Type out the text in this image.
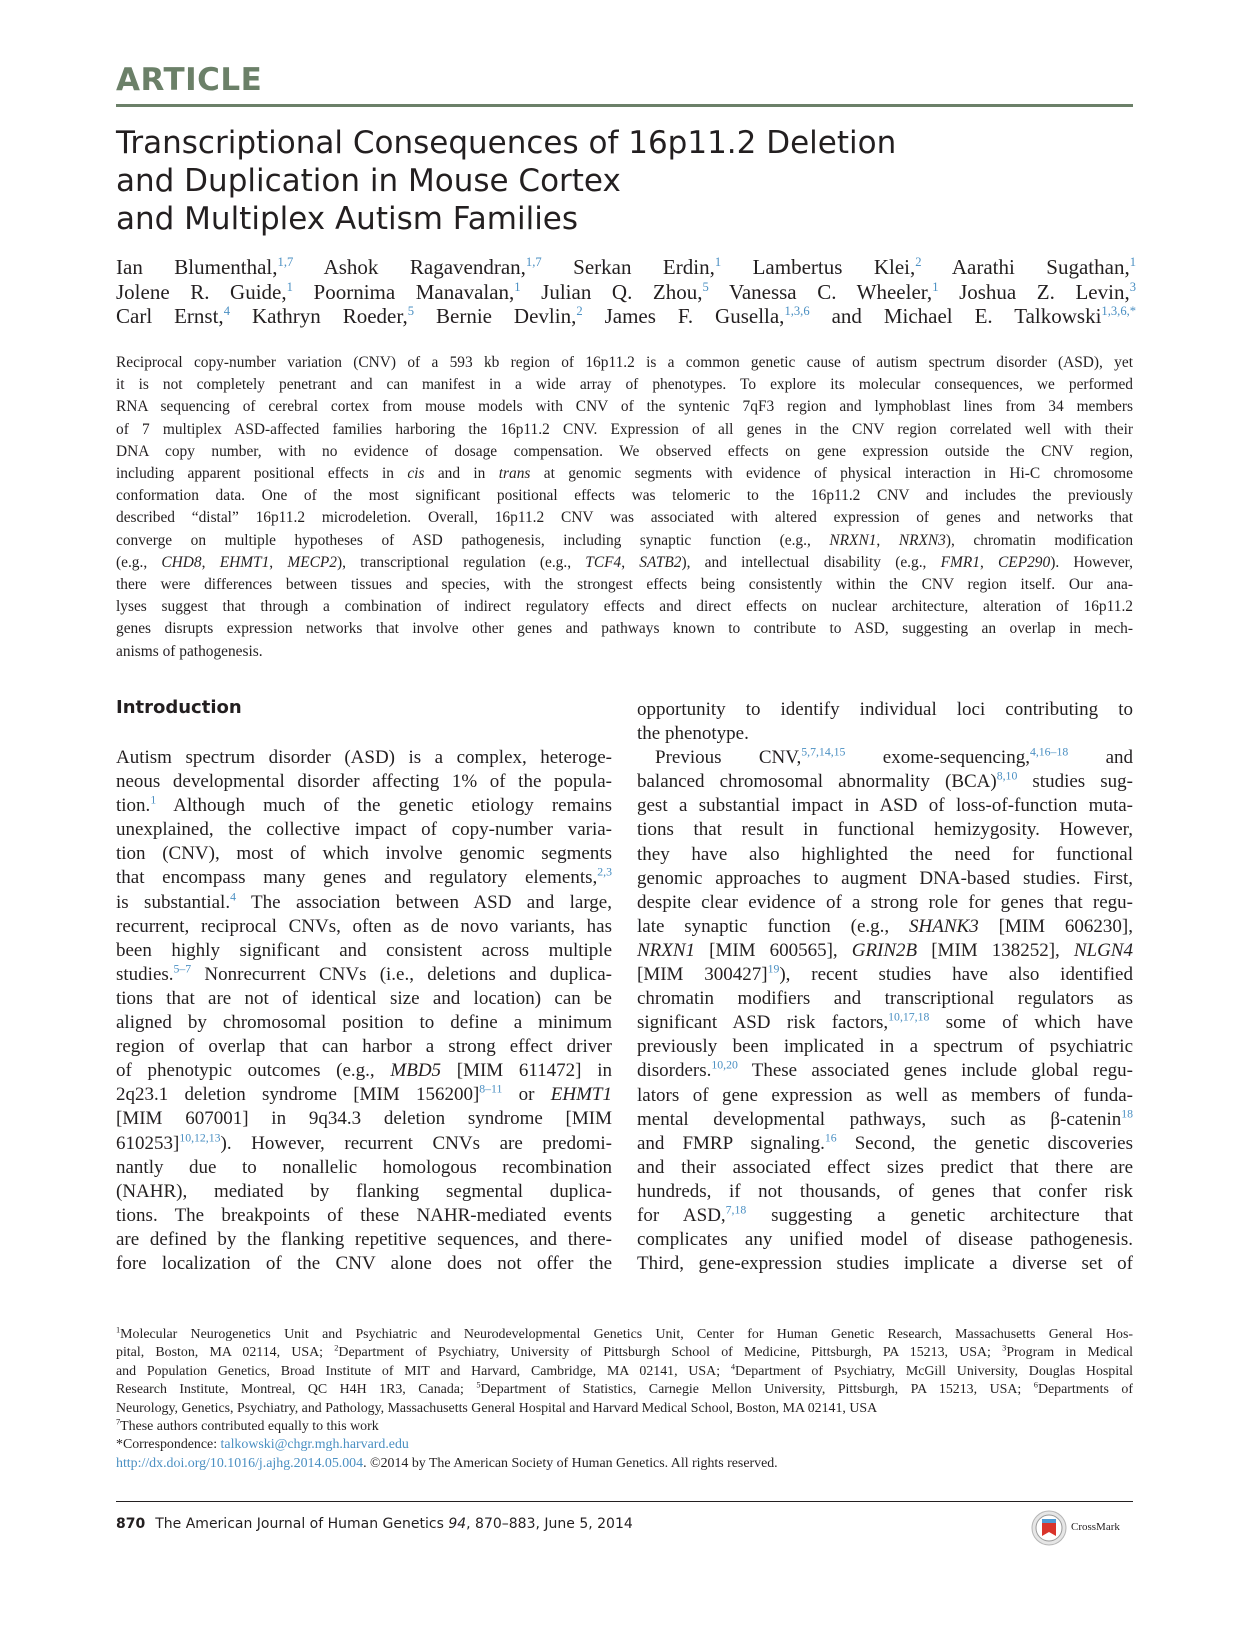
ARTICLE
Transcriptional Consequences of 16p11.2 Deletion
and Duplication in Mouse Cortex
and Multiplex Autism Families
Ian Blumenthal,$^{1,7}$ Ashok Ragavendran,$^{1,7}$ Serkan Erdin,$^1$ Lambertus Klei,$^2$ Aarathi Sugathan,$^1$
Jolene R. Guide,$^1$ Poornima Manavalan,$^1$ Julian Q. Zhou,$^5$ Vanessa C. Wheeler,$^1$ Joshua Z. Levin,$^3$
Carl Ernst,$^4$ Kathryn Roeder,$^5$ Bernie Devlin,$^2$ James F. Gusella,$^{1,3,6}$ and Michael E. Talkowski$^{1,3,6,*}$
Reciprocal copy-number variation (CNV) of a 593 kb region of 16p11.2 is a common genetic cause of autism spectrum disorder (ASD), yet
it is not completely penetrant and can manifest in a wide array of phenotypes. To explore its molecular consequences, we performed
RNA sequencing of cerebral cortex from mouse models with CNV of the syntenic 7qF3 region and lymphoblast lines from 34 members
of 7 multiplex ASD-affected families harboring the 16p11.2 CNV. Expression of all genes in the CNV region correlated well with their
DNA copy number, with no evidence of dosage compensation. We observed effects on gene expression outside the CNV region,
including apparent positional effects in cis and in trans at genomic segments with evidence of physical interaction in Hi-C chromosome
conformation data. One of the most significant positional effects was telomeric to the 16p11.2 CNV and includes the previously
described “distal” 16p11.2 microdeletion. Overall, 16p11.2 CNV was associated with altered expression of genes and networks that
converge on multiple hypotheses of ASD pathogenesis, including synaptic function (e.g., NRXN1, NRXN3), chromatin modification
(e.g., CHD8, EHMT1, MECP2), transcriptional regulation (e.g., TCF4, SATB2), and intellectual disability (e.g., FMR1, CEP290). However,
there were differences between tissues and species, with the strongest effects being consistently within the CNV region itself. Our ana-
lyses suggest that through a combination of indirect regulatory effects and direct effects on nuclear architecture, alteration of 16p11.2
genes disrupts expression networks that involve other genes and pathways known to contribute to ASD, suggesting an overlap in mech-
anisms of pathogenesis.
Introduction
Autism spectrum disorder (ASD) is a complex, heteroge-
neous developmental disorder affecting 1% of the popula-
tion.$^1$ Although much of the genetic etiology remains
unexplained, the collective impact of copy-number varia-
tion (CNV), most of which involve genomic segments
that encompass many genes and regulatory elements,$^{2,3}$
is substantial.$^4$ The association between ASD and large,
recurrent, reciprocal CNVs, often as de novo variants, has
been highly significant and consistent across multiple
studies.$^{5-7}$ Nonrecurrent CNVs (i.e., deletions and duplica-
tions that are not of identical size and location) can be
aligned by chromosomal position to define a minimum
region of overlap that can harbor a strong effect driver
of phenotypic outcomes (e.g., MBD5 [MIM 611472] in
2q23.1 deletion syndrome [MIM 156200]$^{8-11}$ or EHMT1
[MIM 607001] in 9q34.3 deletion syndrome [MIM
610253]$^{10,12,13}$). However, recurrent CNVs are predomi-
nantly due to nonallelic homologous recombination
(NAHR), mediated by flanking segmental duplica-
tions. The breakpoints of these NAHR-mediated events
are defined by the flanking repetitive sequences, and there-
fore localization of the CNV alone does not offer the
opportunity to identify individual loci contributing to
the phenotype.
Previous CNV,$^{5,7,14,15}$ exome-sequencing,$^{4,16-18}$ and
balanced chromosomal abnormality (BCA)$^{8,10}$ studies sug-
gest a substantial impact in ASD of loss-of-function muta-
tions that result in functional hemizygosity. However,
they have also highlighted the need for functional
genomic approaches to augment DNA-based studies. First,
despite clear evidence of a strong role for genes that regu-
late synaptic function (e.g., SHANK3 [MIM 606230],
NRXN1 [MIM 600565], GRIN2B [MIM 138252], NLGN4
[MIM 300427]$^{19}$), recent studies have also identified
chromatin modifiers and transcriptional regulators as
significant ASD risk factors,$^{10,17,18}$ some of which have
previously been implicated in a spectrum of psychiatric
disorders.$^{10,20}$ These associated genes include global regu-
lators of gene expression as well as members of funda-
mental developmental pathways, such as β-catenin$^{18}$
and FMRP signaling.$^{16}$ Second, the genetic discoveries
and their associated effect sizes predict that there are
hundreds, if not thousands, of genes that confer risk
for ASD,$^{7,18}$ suggesting a genetic architecture that
complicates any unified model of disease pathogenesis.
Third, gene-expression studies implicate a diverse set of
$^1$Molecular Neurogenetics Unit and Psychiatric and Neurodevelopmental Genetics Unit, Center for Human Genetic Research, Massachusetts General Hos-
pital, Boston, MA 02114, USA; $^2$Department of Psychiatry, University of Pittsburgh School of Medicine, Pittsburgh, PA 15213, USA; $^3$Program in Medical
and Population Genetics, Broad Institute of MIT and Harvard, Cambridge, MA 02141, USA; $^4$Department of Psychiatry, McGill University, Douglas Hospital
Research Institute, Montreal, QC H4H 1R3, Canada; $^5$Department of Statistics, Carnegie Mellon University, Pittsburgh, PA 15213, USA; $^6$Departments of
Neurology, Genetics, Psychiatry, and Pathology, Massachusetts General Hospital and Harvard Medical School, Boston, MA 02141, USA
$^7$These authors contributed equally to this work
*Correspondence: talkowski@chgr.mgh.harvard.edu
http://dx.doi.org/10.1016/j.ajhg.2014.05.004. ©2014 by The American Society of Human Genetics. All rights reserved.
870 The American Journal of Human Genetics 94, 870–883, June 5, 2014	CrossMark
